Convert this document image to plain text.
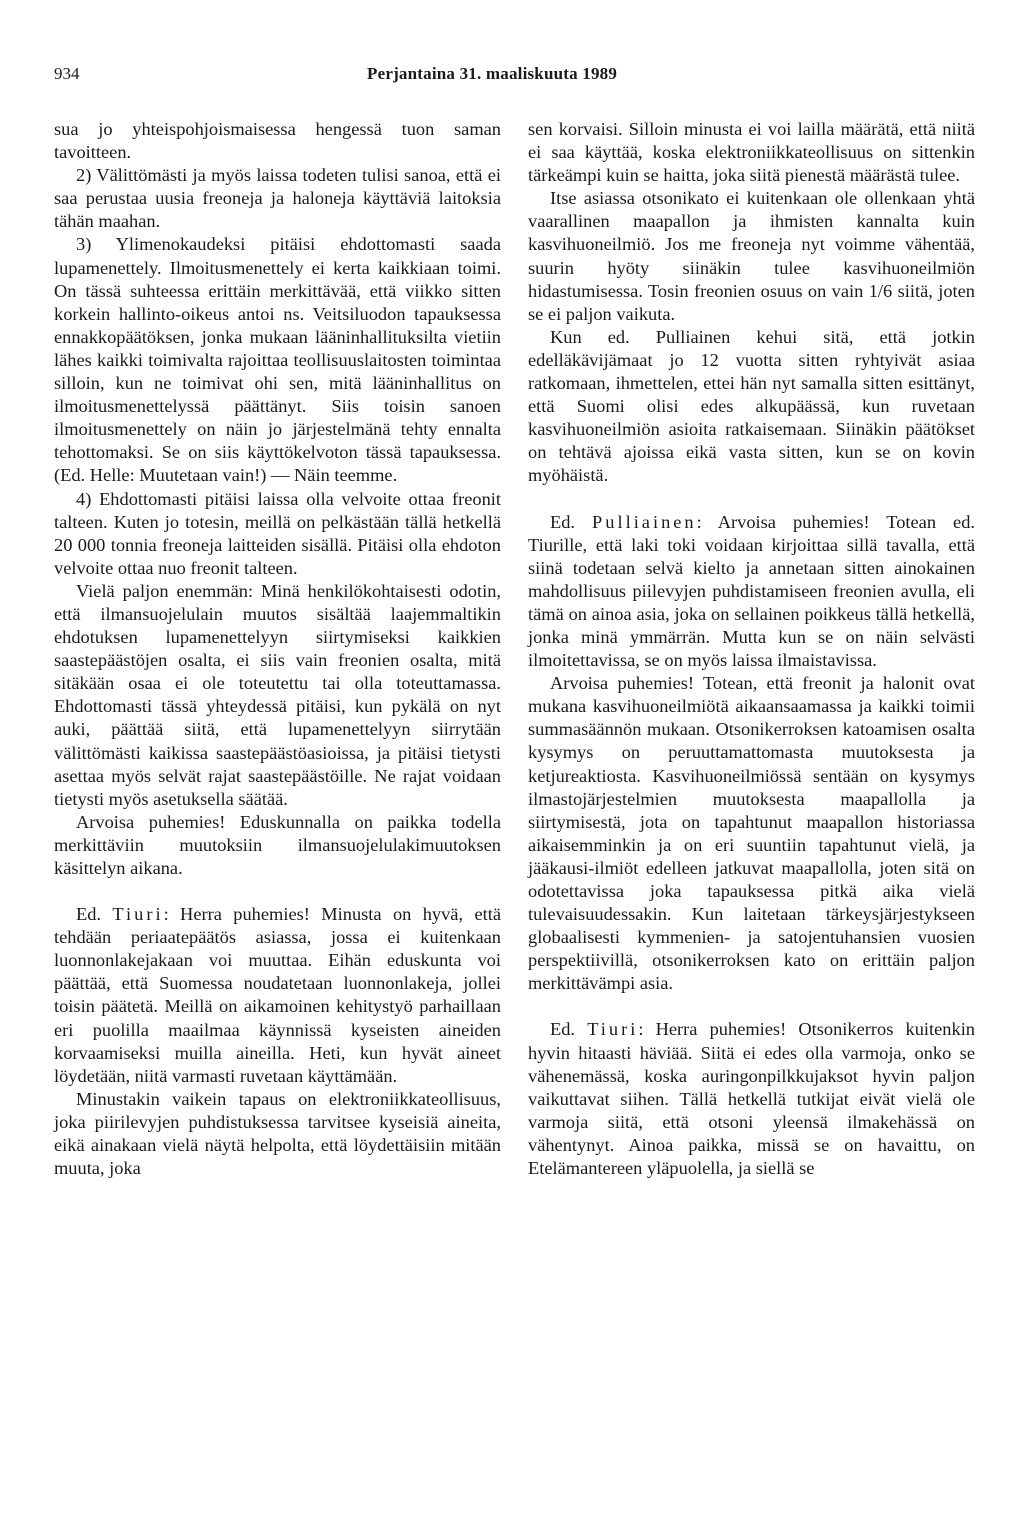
934	Perjantaina 31. maaliskuuta 1989

sua jo yhteispohjoismaisessa hengessä tuon saman tavoitteen.

2) Välittömästi ja myös laissa todeten tulisi sanoa, että ei saa perustaa uusia freoneja ja haloneja käyttäviä laitoksia tähän maahan.

3) Ylimenokaudeksi pitäisi ehdottomasti saada lupamenettely. Ilmoitusmenettely ei kerta kaikkiaan toimi. On tässä suhteessa erittäin merkittävää, että viikko sitten korkein hallinto-oikeus antoi ns. Veitsiluodon tapauksessa ennakkopäätöksen, jonka mukaan lääninhallituksilta vietiin lähes kaikki toimivalta rajoittaa teollisuuslaitosten toimintaa silloin, kun ne toimivat ohi sen, mitä lääninhallitus on ilmoitusmenettelyssä päättänyt. Siis toisin sanoen ilmoitusmenettely on näin jo järjestelmänä tehty ennalta tehottomaksi. Se on siis käyttökelvoton tässä tapauksessa. (Ed. Helle: Muutetaan vain!) — Näin teemme.

4) Ehdottomasti pitäisi laissa olla velvoite ottaa freonit talteen. Kuten jo totesin, meillä on pelkästään tällä hetkellä 20 000 tonnia freoneja laitteiden sisällä. Pitäisi olla ehdoton velvoite ottaa nuo freonit talteen.

Vielä paljon enemmän: Minä henkilökohtaisesti odotin, että ilmansuojelulain muutos sisältää laajemmaltikin ehdotuksen lupamenettelyyn siirtymiseksi kaikkien saastepäästöjen osalta, ei siis vain freonien osalta, mitä sitäkään osaa ei ole toteutettu tai olla toteuttamassa. Ehdottomasti tässä yhteydessä pitäisi, kun pykälä on nyt auki, päättää siitä, että lupamenettelyyn siirrytään välittömästi kaikissa saastepäästöasioissa, ja pitäisi tietysti asettaa myös selvät rajat saastepäästöille. Ne rajat voidaan tietysti myös asetuksella säätää.

Arvoisa puhemies! Eduskunnalla on paikka todella merkittäviin muutoksiin ilmansuojelulakimuutoksen käsittelyn aikana.

Ed. Tiuri: Herra puhemies! Minusta on hyvä, että tehdään periaatepäätös asiassa, jossa ei kuitenkaan luonnonlakejakaan voi muuttaa. Eihän eduskunta voi päättää, että Suomessa noudatetaan luonnonlakeja, jollei toisin päätetä. Meillä on aikamoinen kehitystyö parhaillaan eri puolilla maailmaa käynnissä kyseisten aineiden korvaamiseksi muilla aineilla. Heti, kun hyvät aineet löydetään, niitä varmasti ruvetaan käyttämään.

Minustakin vaikein tapaus on elektroniikkateollisuus, joka piirilevyjen puhdistuksessa tarvitsee kyseisiä aineita, eikä ainakaan vielä näytä helpolta, että löydettäisiin mitään muuta, joka

sen korvaisi. Silloin minusta ei voi lailla määrätä, että niitä ei saa käyttää, koska elektroniikkateollisuus on sittenkin tärkeämpi kuin se haitta, joka siitä pienestä määrästä tulee.

Itse asiassa otsonikato ei kuitenkaan ole ollenkaan yhtä vaarallinen maapallon ja ihmisten kannalta kuin kasvihuoneilmiö. Jos me freoneja nyt voimme vähentää, suurin hyöty siinäkin tulee kasvihuoneilmiön hidastumisessa. Tosin freonien osuus on vain 1/6 siitä, joten se ei paljon vaikuta.

Kun ed. Pulliainen kehui sitä, että jotkin edelläkävijämaat jo 12 vuotta sitten ryhtyivät asiaa ratkomaan, ihmettelen, ettei hän nyt samalla sitten esittänyt, että Suomi olisi edes alkupäässä, kun ruvetaan kasvihuoneilmiön asioita ratkaisemaan. Siinäkin päätökset on tehtävä ajoissa eikä vasta sitten, kun se on kovin myöhäistä.

Ed. Pulliainen: Arvoisa puhemies! Totean ed. Tiurille, että laki toki voidaan kirjoittaa sillä tavalla, että siinä todetaan selvä kielto ja annetaan sitten ainokainen mahdollisuus piilevyjen puhdistamiseen freonien avulla, eli tämä on ainoa asia, joka on sellainen poikkeus tällä hetkellä, jonka minä ymmärrän. Mutta kun se on näin selvästi ilmoitettavissa, se on myös laissa ilmaistavissa.

Arvoisa puhemies! Totean, että freonit ja halonit ovat mukana kasvihuoneilmiötä aikaansaamassa ja kaikki toimii summasäännön mukaan. Otsonikerroksen katoamisen osalta kysymys on peruuttamattomasta muutoksesta ja ketjureaktiosta. Kasvihuoneilmiössä sentään on kysymys ilmastojärjestelmien muutoksesta maapallolla ja siirtymisestä, jota on tapahtunut maapallon historiassa aikaisemminkin ja on eri suuntiin tapahtunut vielä, ja jääkausi-ilmiöt edelleen jatkuvat maapallolla, joten sitä on odotettavissa joka tapauksessa pitkä aika vielä tulevaisuudessakin. Kun laitetaan tärkeysjärjestykseen globaalisesti kymmenien- ja satojentuhansien vuosien perspektiivillä, otsonikerroksen kato on erittäin paljon merkittävämpi asia.

Ed. Tiuri: Herra puhemies! Otsonikerros kuitenkin hyvin hitaasti häviää. Siitä ei edes olla varmoja, onko se vähenemässä, koska auringonpilkkujaksot hyvin paljon vaikuttavat siihen. Tällä hetkellä tutkijat eivät vielä ole varmoja siitä, että otsoni yleensä ilmakehässä on vähentynyt. Ainoa paikka, missä se on havaittu, on Etelämantereen yläpuolella, ja siellä se
